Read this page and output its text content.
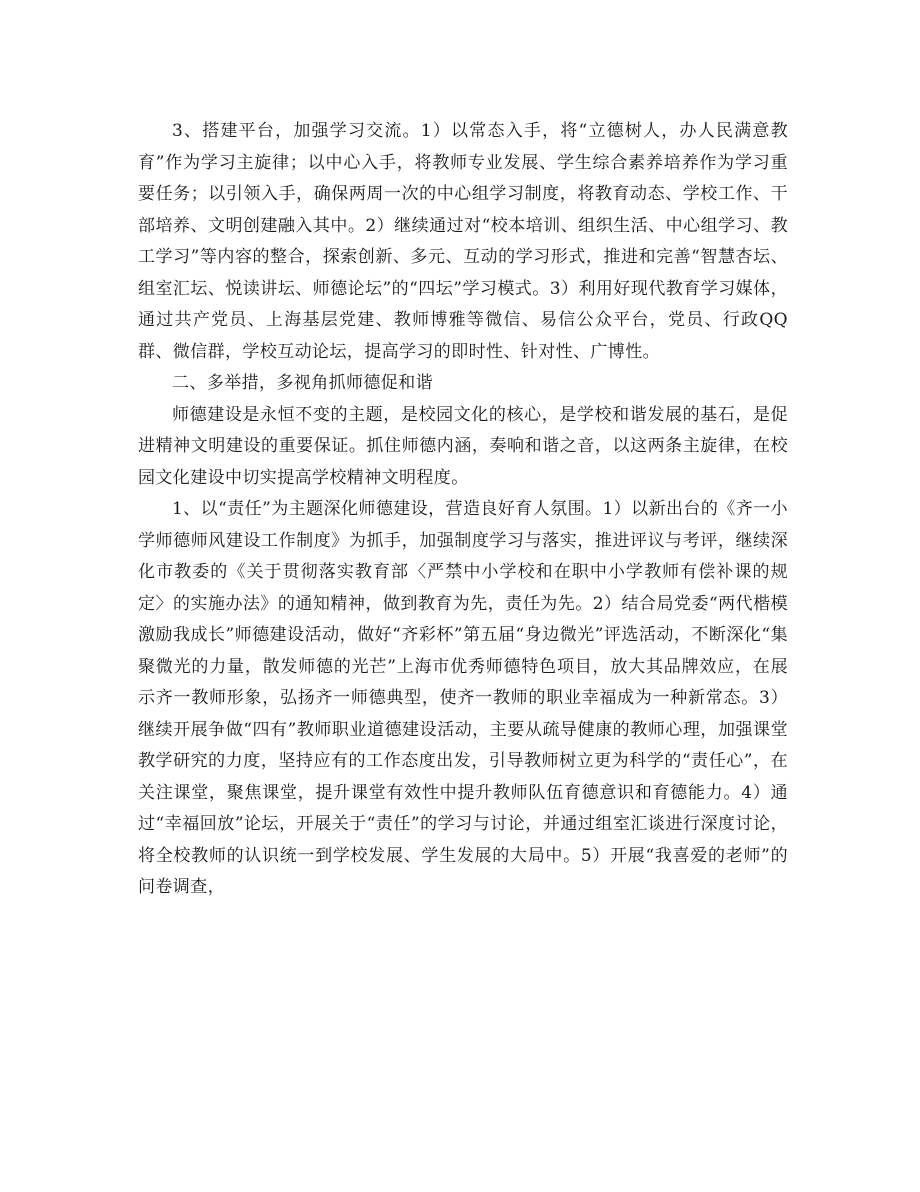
3、搭建平台，加强学习交流。1）以常态入手，将“立德树人，办人民满意教育”作为学习主旋律；以中心入手，将教师专业发展、学生综合素养培养作为学习重要任务；以引领入手，确保两周一次的中心组学习制度，将教育动态、学校工作、干部培养、文明创建融入其中。2）继续通过对“校本培训、组织生活、中心组学习、教工学习”等内容的整合，探索创新、多元、互动的学习形式，推进和完善“智慧杏坛、组室汇坛、悦读讲坛、师德论坛”的“四坛”学习模式。3）利用好现代教育学习媒体，通过共产党员、上海基层党建、教师博雅等微信、易信公众平台，党员、行政QQ群、微信群，学校互动论坛，提高学习的即时性、针对性、广博性。

二、多举措，多视角抓师德促和谐

师德建设是永恒不变的主题，是校园文化的核心，是学校和谐发展的基石，是促进精神文明建设的重要保证。抓住师德内涵，奏响和谐之音，以这两条主旋律，在校园文化建设中切实提高学校精神文明程度。

1、以“责任”为主题深化师德建设，营造良好育人氛围。1）以新出台的《齐一小学师德师风建设工作制度》为抓手，加强制度学习与落实，推进评议与考评，继续深化市教委的《关于贯彻落实教育部〈严禁中小学校和在职中小学教师有偿补课的规定〉的实施办法》的通知精神，做到教育为先，责任为先。2）结合局党委“两代楷模激励我成长”师德建设活动，做好“齐彩杯”第五届“身边微光”评选活动，不断深化“集聚微光的力量，散发师德的光芒”上海市优秀师德特色项目，放大其品牌效应，在展示齐一教师形象，弘扬齐一师德典型，使齐一教师的职业幸福成为一种新常态。3）继续开展争做“四有”教师职业道德建设活动，主要从疏导健康的教师心理，加强课堂教学研究的力度，坚持应有的工作态度出发，引导教师树立更为科学的“责任心”，在关注课堂，聚焦课堂，提升课堂有效性中提升教师队伍育德意识和育德能力。4）通过“幸福回放”论坛，开展关于“责任”的学习与讨论，并通过组室汇谈进行深度讨论，将全校教师的认识统一到学校发展、学生发展的大局中。5）开展“我喜爱的老师”的问卷调查，
